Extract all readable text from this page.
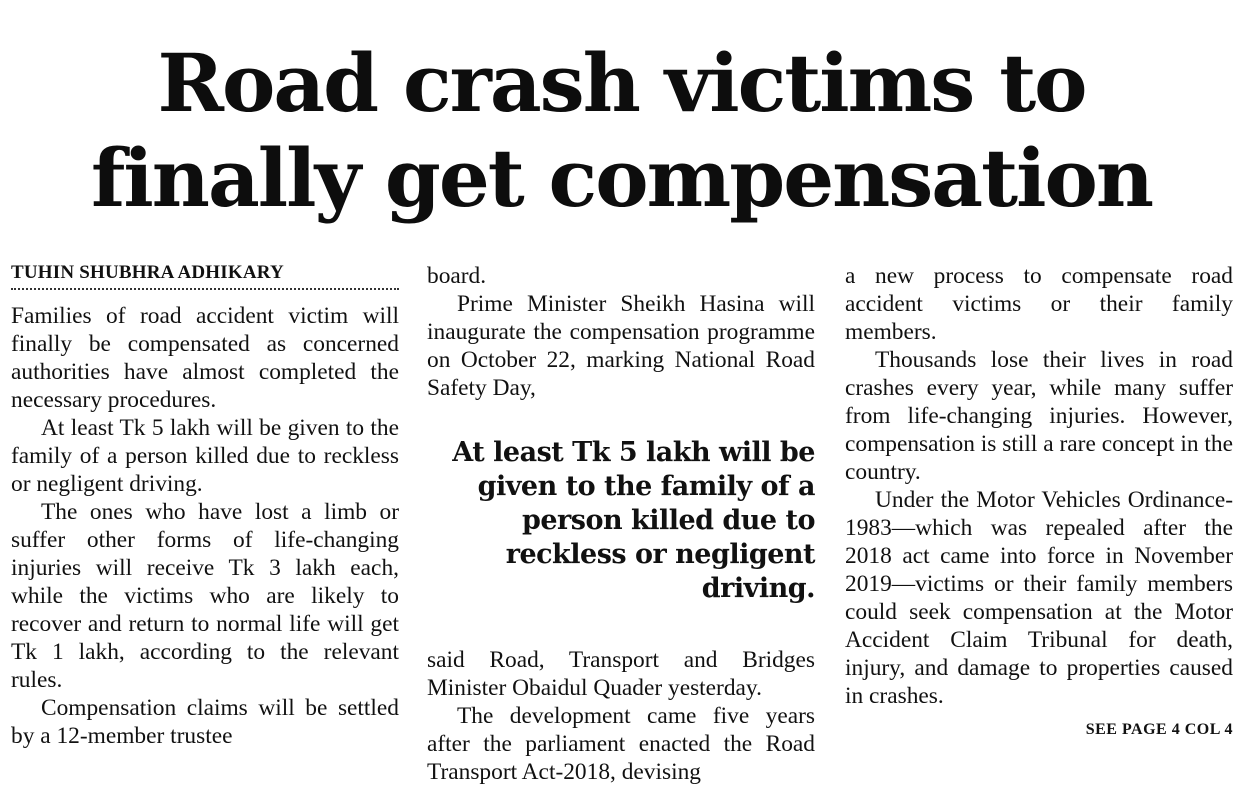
Road crash victims to
finally get compensation
TUHIN SHUBHRA ADHIKARY

Families of road accident victim will finally be compensated as concerned authorities have almost completed the necessary procedures.

At least Tk 5 lakh will be given to the family of a person killed due to reckless or negligent driving.

The ones who have lost a limb or suffer other forms of life-changing injuries will receive Tk 3 lakh each, while the victims who are likely to recover and return to normal life will get Tk 1 lakh, according to the relevant rules.

Compensation claims will be settled by a 12-member trustee

board.

Prime Minister Sheikh Hasina will inaugurate the compensation programme on October 22, marking National Road Safety Day,

At least Tk 5 lakh will be given to the family of a person killed due to reckless or negligent driving.

said Road, Transport and Bridges Minister Obaidul Quader yesterday.

The development came five years after the parliament enacted the Road Transport Act-2018, devising

a new process to compensate road accident victims or their family members.

Thousands lose their lives in road crashes every year, while many suffer from life-changing injuries. However, compensation is still a rare concept in the country.

Under the Motor Vehicles Ordinance-1983—which was repealed after the 2018 act came into force in November 2019—victims or their family members could seek compensation at the Motor Accident Claim Tribunal for death, injury, and damage to properties caused in crashes.

SEE PAGE 4 COL 4
